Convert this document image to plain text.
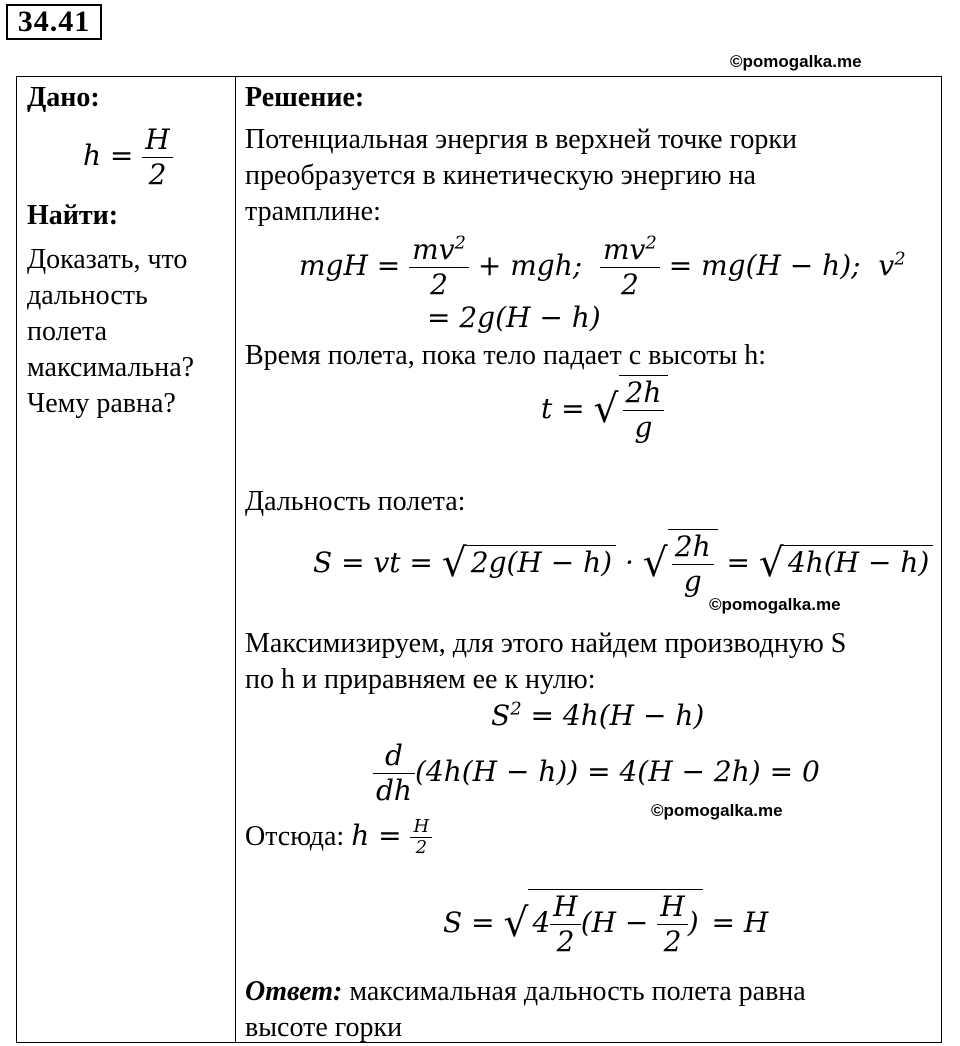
34.41
©pomogalka.me
Дано:
$h = \frac{H}{2}$
Найти:
Доказать, что
дальность
полета
максимальна?
Чему равна?
Решение:
Потенциальная энергия в верхней точке горки
преобразуется в кинетическую энергию на
трамплине:
mgH = $\frac{mv^2}{2}$ + mgh; $\frac{mv^2}{2} = mg(H - h)$;  $v^2$
= 2g(H − h)
Время полета, пока тело падает с высоты h:
t = √ $\frac{2h}{g}$
Дальность полета:
S = vt = √ 2g(H − h) · √ $\frac{2h}{g}$ = √ 4h(H − h)
©pomogalka.me
Максимизируем, для этого найдем производную S
по h и приравняем ее к нулю:
$S^2 = 4h(H - h)$
$\frac{d}{dh} (4h(H - h)) = 4(H - 2h) = 0$
©pomogalka.me
Отсюда: $h = \frac{H}{2}$
S = √ $4 \frac{H}{2} (H - \frac{H}{2}$ ) = H
Ответ: максимальная дальность полета равна
высоте горки
